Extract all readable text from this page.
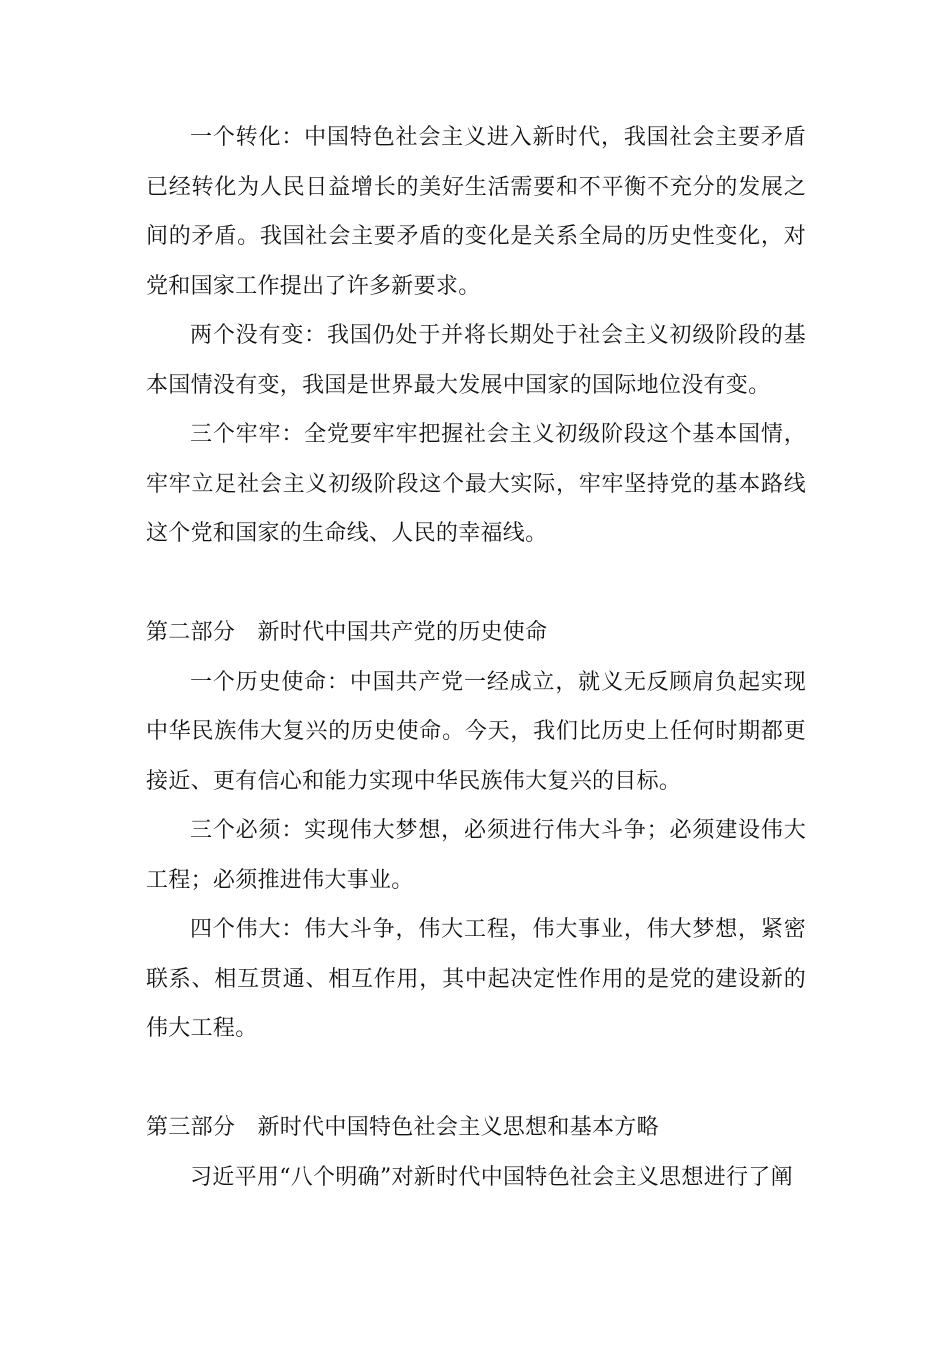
一个转化：中国特色社会主义进入新时代，我国社会主要矛盾已经转化为人民日益增长的美好生活需要和不平衡不充分的发展之间的矛盾。我国社会主要矛盾的变化是关系全局的历史性变化，对党和国家工作提出了许多新要求。

两个没有变：我国仍处于并将长期处于社会主义初级阶段的基本国情没有变，我国是世界最大发展中国家的国际地位没有变。

三个牢牢：全党要牢牢把握社会主义初级阶段这个基本国情，牢牢立足社会主义初级阶段这个最大实际，牢牢坚持党的基本路线这个党和国家的生命线、人民的幸福线。

第二部分　新时代中国共产党的历史使命

一个历史使命：中国共产党一经成立，就义无反顾肩负起实现中华民族伟大复兴的历史使命。今天，我们比历史上任何时期都更接近、更有信心和能力实现中华民族伟大复兴的目标。

三个必须：实现伟大梦想，必须进行伟大斗争；必须建设伟大工程；必须推进伟大事业。

四个伟大：伟大斗争，伟大工程，伟大事业，伟大梦想，紧密联系、相互贯通、相互作用，其中起决定性作用的是党的建设新的伟大工程。

第三部分　新时代中国特色社会主义思想和基本方略

习近平用“八个明确”对新时代中国特色社会主义思想进行了阐
